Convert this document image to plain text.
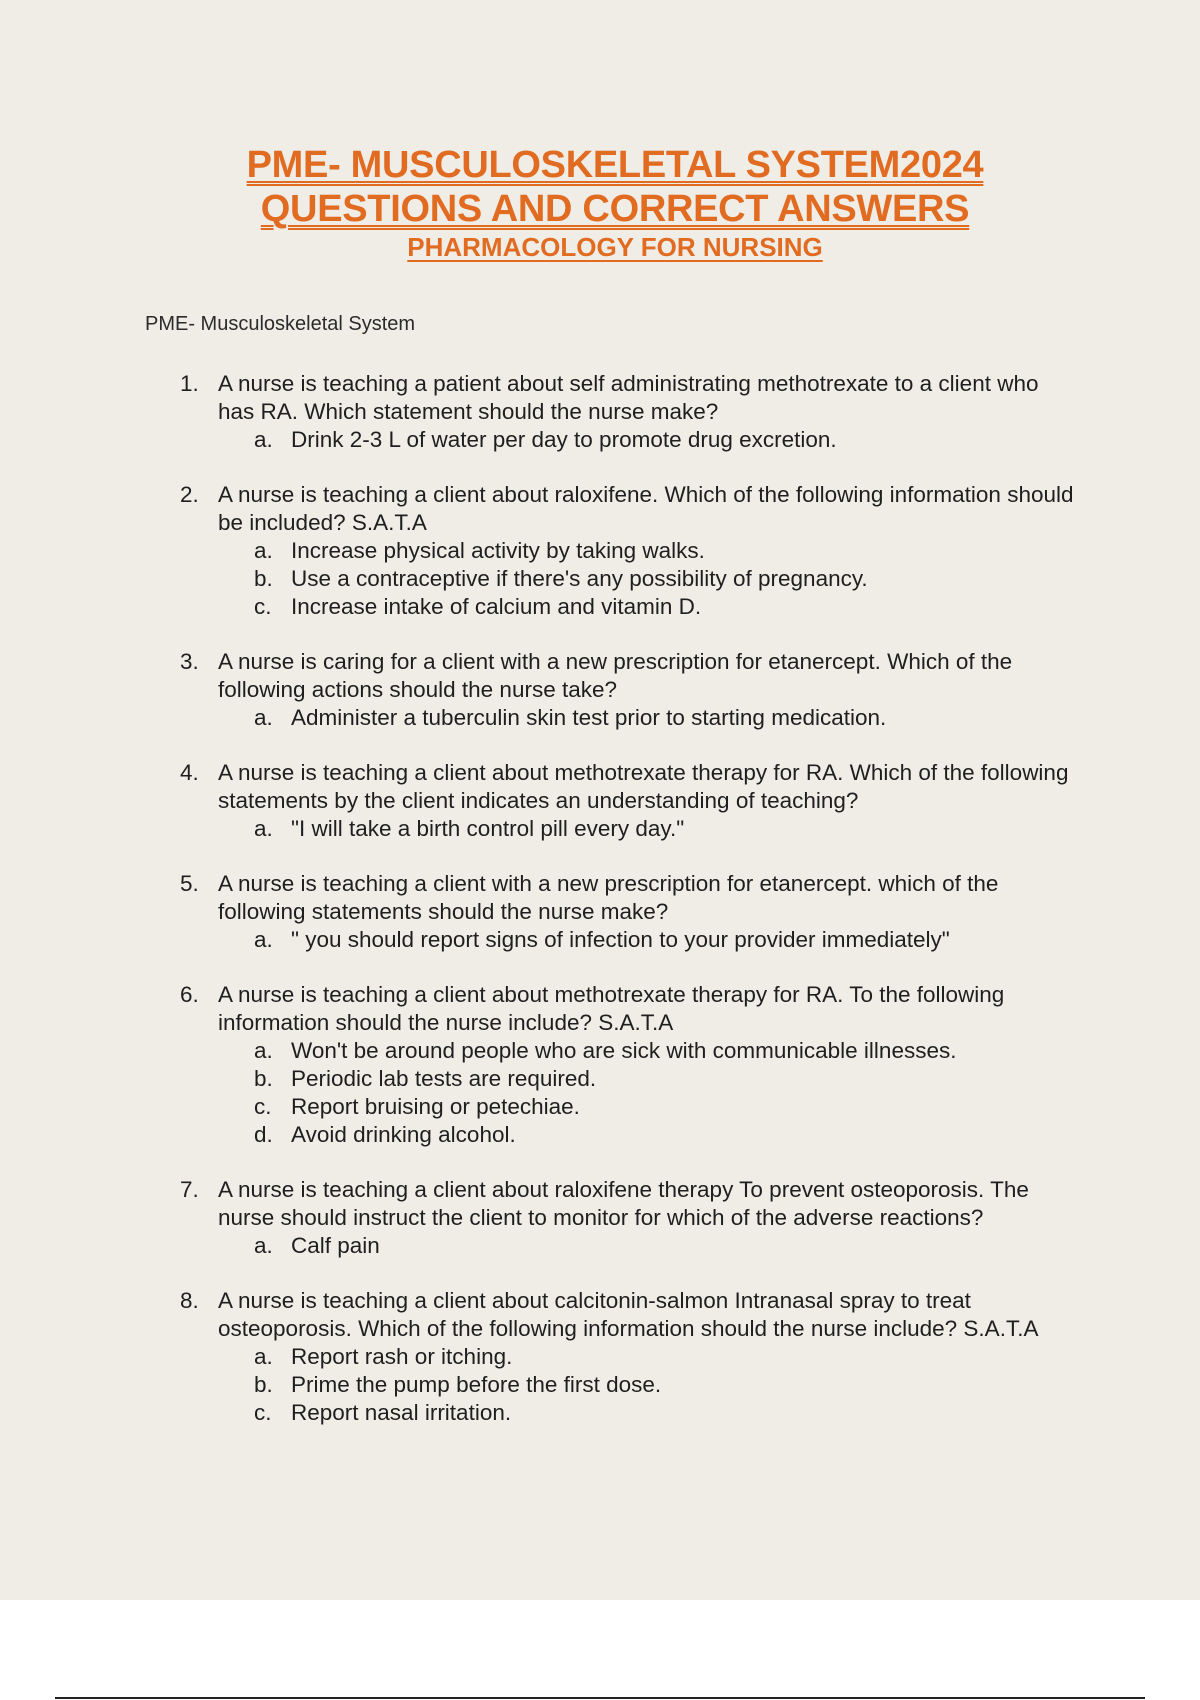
PME- MUSCULOSKELETAL SYSTEM2024
QUESTIONS AND CORRECT ANSWERS
PHARMACOLOGY FOR NURSING
PME- Musculoskeletal System
1. A nurse is teaching a patient about self administrating methotrexate to a client who has RA. Which statement should the nurse make?
a. Drink 2-3 L of water per day to promote drug excretion.
2. A nurse is teaching a client about raloxifene. Which of the following information should be included? S.A.T.A
a. Increase physical activity by taking walks.
b. Use a contraceptive if there's any possibility of pregnancy.
c. Increase intake of calcium and vitamin D.
3. A nurse is caring for a client with a new prescription for etanercept. Which of the following actions should the nurse take?
a. Administer a tuberculin skin test prior to starting medication.
4. A nurse is teaching a client about methotrexate therapy for RA. Which of the following statements by the client indicates an understanding of teaching?
a. "I will take a birth control pill every day."
5. A nurse is teaching a client with a new prescription for etanercept. which of the following statements should the nurse make?
a. " you should report signs of infection to your provider immediately"
6. A nurse is teaching a client about methotrexate therapy for RA. To the following information should the nurse include? S.A.T.A
a. Won't be around people who are sick with communicable illnesses.
b. Periodic lab tests are required.
c. Report bruising or petechiae.
d. Avoid drinking alcohol.
7. A nurse is teaching a client about raloxifene therapy To prevent osteoporosis. The nurse should instruct the client to monitor for which of the adverse reactions?
a. Calf pain
8. A nurse is teaching a client about calcitonin-salmon Intranasal spray to treat osteoporosis. Which of the following information should the nurse include? S.A.T.A
a. Report rash or itching.
b. Prime the pump before the first dose.
c. Report nasal irritation.
